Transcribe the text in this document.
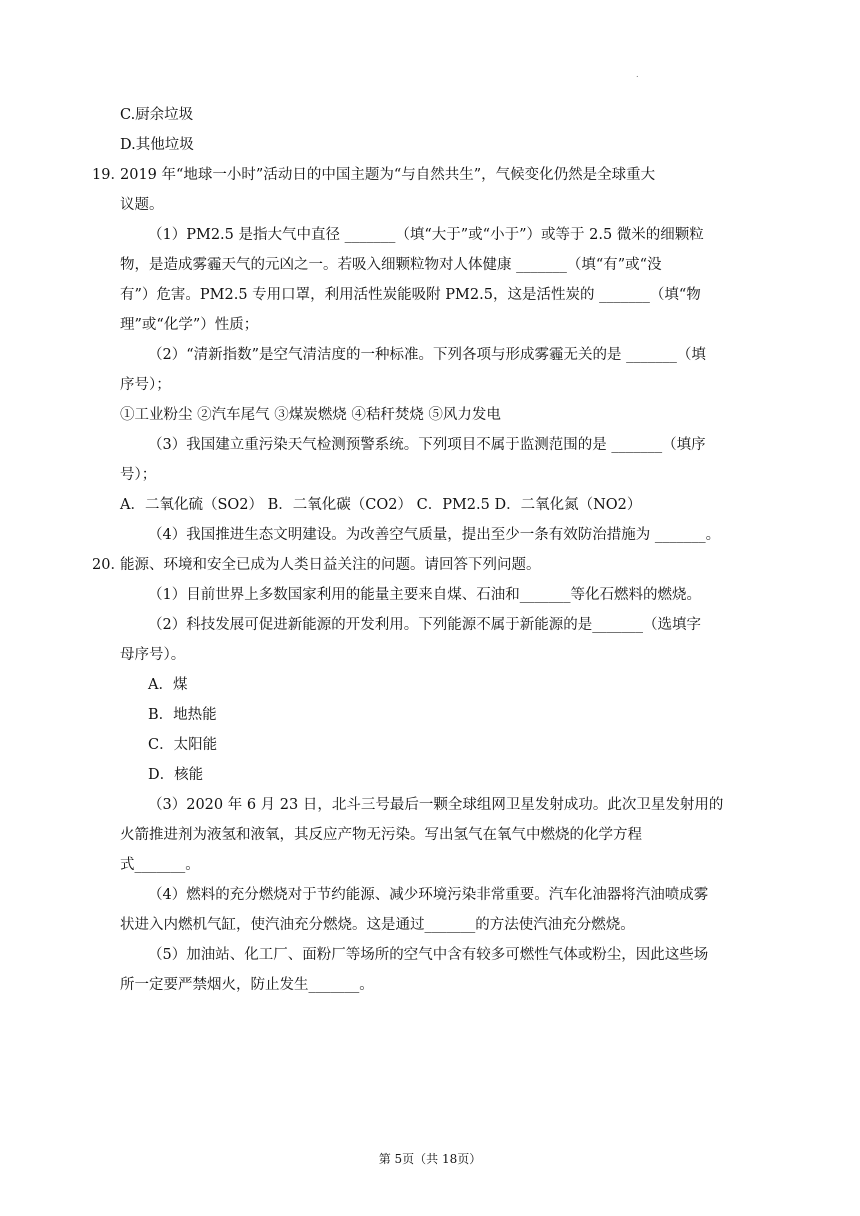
.
C.厨余垃圾
D.其他垃圾
19．2019 年“地球一小时”活动日的中国主题为“与自然共生”，气候变化仍然是全球重大
议题。
（1）PM2.5 是指大气中直径 _______（填“大于”或“小于”）或等于 2.5 微米的细颗粒
物，是造成雾霾天气的元凶之一。若吸入细颗粒物对人体健康 _______（填“有”或“没
有”）危害。PM2.5 专用口罩，利用活性炭能吸附 PM2.5，这是活性炭的 _______（填“物
理”或“化学”）性质；
（2）“清新指数”是空气清洁度的一种标准。下列各项与形成雾霾无关的是 _______（填
序号）；
①工业粉尘 ②汽车尾气 ③煤炭燃烧 ④秸秆焚烧 ⑤风力发电
（3）我国建立重污染天气检测预警系统。下列项目不属于监测范围的是 _______（填序
号）；
A．二氧化硫（SO2） B．二氧化碳（CO2） C．PM2.5 D．二氧化氮（NO2）
（4）我国推进生态文明建设。为改善空气质量，提出至少一条有效防治措施为 _______。
20．能源、环境和安全已成为人类日益关注的问题。请回答下列问题。
（1）目前世界上多数国家利用的能量主要来自煤、石油和_______等化石燃料的燃烧。
（2）科技发展可促进新能源的开发利用。下列能源不属于新能源的是_______（选填字
母序号）。
A．煤
B．地热能
C．太阳能
D．核能
（3）2020 年 6 月 23 日，北斗三号最后一颗全球组网卫星发射成功。此次卫星发射用的
火箭推进剂为液氢和液氧，其反应产物无污染。写出氢气在氧气中燃烧的化学方程
式_______。
（4）燃料的充分燃烧对于节约能源、减少环境污染非常重要。汽车化油器将汽油喷成雾
状进入内燃机气缸，使汽油充分燃烧。这是通过_______的方法使汽油充分燃烧。
（5）加油站、化工厂、面粉厂等场所的空气中含有较多可燃性气体或粉尘，因此这些场
所一定要严禁烟火，防止发生_______。
第 5页（共 18页）
